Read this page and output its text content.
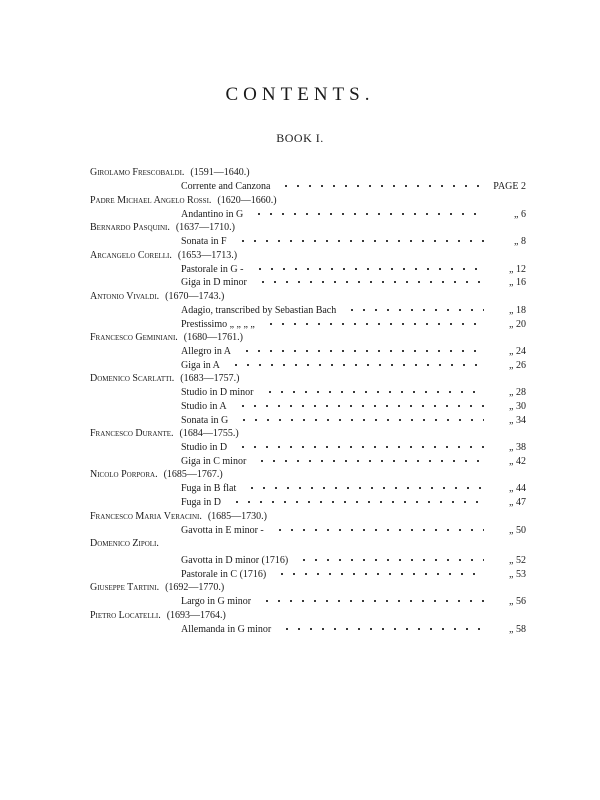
CONTENTS.
BOOK I.
Girolamo Frescobaldi. (1591—1640.)
Corrente and Canzona	PAGE 2
Padre Michael Angelo Rossi. (1620—1660.)
Andantino in G	„ 6
Bernardo Pasquini. (1637—1710.)
Sonata in F	„ 8
Arcangelo Corelli. (1653—1713.)
Pastorale in G -	„ 12
Giga in D minor	„ 16
Antonio Vivaldi. (1670—1743.)
Adagio, transcribed by Sebastian Bach	„ 18
Prestissimo „ „ „ „	„ 20
Francesco Geminiani. (1680—1761.)
Allegro in A	„ 24
Giga in A	„ 26
Domenico Scarlatti. (1683—1757.)
Studio in D minor	„ 28
Studio in A	„ 30
Sonata in G	„ 34
Francesco Durante. (1684—1755.)
Studio in D	„ 38
Giga in C minor	„ 42
Nicolo Porpora. (1685—1767.)
Fuga in B flat	„ 44
Fuga in D	„ 47
Francesco Maria Veracini. (1685—1730.)
Gavotta in E minor -	„ 50
Domenico Zipoli.
Gavotta in D minor (1716)	„ 52
Pastorale in C (1716)	„ 53
Giuseppe Tartini. (1692—1770.)
Largo in G minor	„ 56
Pietro Locatelli. (1693—1764.)
Allemanda in G minor	„ 58
